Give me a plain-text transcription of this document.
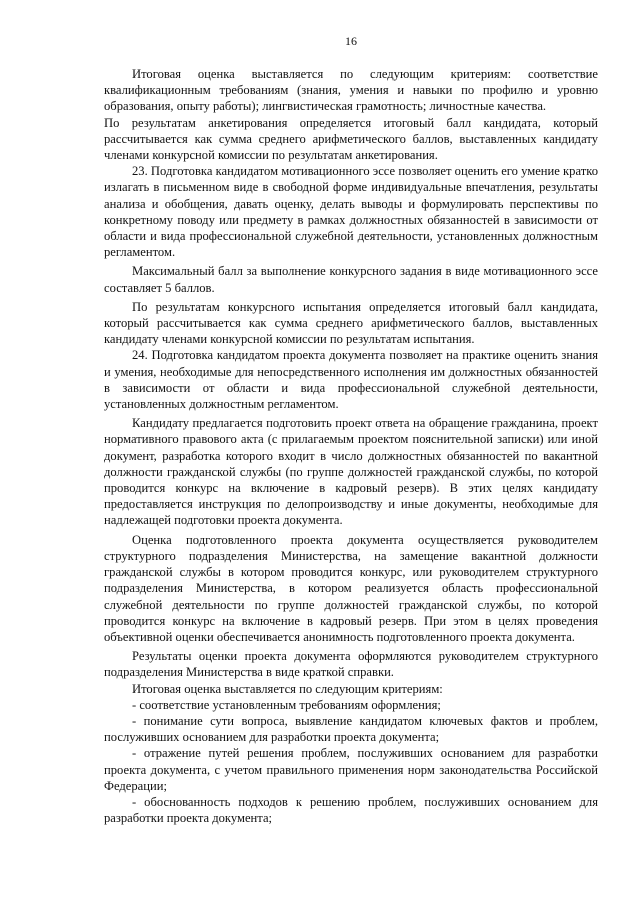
16

Итоговая оценка выставляется по следующим критериям: соответствие квалификационным требованиям (знания, умения и навыки по профилю и уровню образования, опыту работы); лингвистическая грамотность; личностные качества.

По результатам анкетирования определяется итоговый балл кандидата, который рассчитывается как сумма среднего арифметического баллов, выставленных кандидату членами конкурсной комиссии по результатам анкетирования.

23. Подготовка кандидатом мотивационного эссе позволяет оценить его умение кратко излагать в письменном виде в свободной форме индивидуальные впечатления, результаты анализа и обобщения, давать оценку, делать выводы и формулировать перспективы по конкретному поводу или предмету в рамках должностных обязанностей в зависимости от области и вида профессиональной служебной деятельности, установленных должностным регламентом.

Максимальный балл за выполнение конкурсного задания в виде мотивационного эссе составляет 5 баллов.

По результатам конкурсного испытания определяется итоговый балл кандидата, который рассчитывается как сумма среднего арифметического баллов, выставленных кандидату членами конкурсной комиссии по результатам испытания.

24. Подготовка кандидатом проекта документа позволяет на практике оценить знания и умения, необходимые для непосредственного исполнения им должностных обязанностей в зависимости от области и вида профессиональной служебной деятельности, установленных должностным регламентом.

Кандидату предлагается подготовить проект ответа на обращение гражданина, проект нормативного правового акта (с прилагаемым проектом пояснительной записки) или иной документ, разработка которого входит в число должностных обязанностей по вакантной должности гражданской службы (по группе должностей гражданской службы, по которой проводится конкурс на включение в кадровый резерв). В этих целях кандидату предоставляется инструкция по делопроизводству и иные документы, необходимые для надлежащей подготовки проекта документа.

Оценка подготовленного проекта документа осуществляется руководителем структурного подразделения Министерства, на замещение вакантной должности гражданской службы в котором проводится конкурс, или руководителем структурного подразделения Министерства, в котором реализуется область профессиональной служебной деятельности по группе должностей гражданской службы, по которой проводится конкурс на включение в кадровый резерв. При этом в целях проведения объективной оценки обеспечивается анонимность подготовленного проекта документа.

Результаты оценки проекта документа оформляются руководителем структурного подразделения Министерства в виде краткой справки.

Итоговая оценка выставляется по следующим критериям:

- соответствие установленным требованиям оформления;

- понимание сути вопроса, выявление кандидатом ключевых фактов и проблем, послуживших основанием для разработки проекта документа;

- отражение путей решения проблем, послуживших основанием для разработки проекта документа, с учетом правильного применения норм законодательства Российской Федерации;

- обоснованность подходов к решению проблем, послуживших основанием для разработки проекта документа;
